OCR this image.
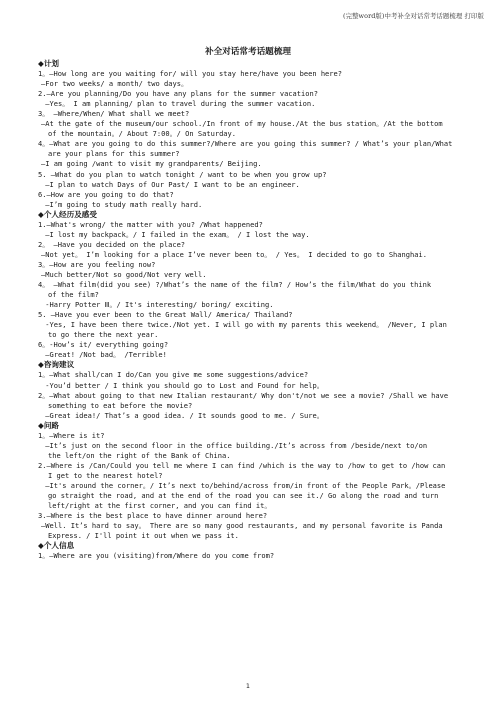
(完整word版)中考补全对话常考话题梳理 打印版
补全对话常考话题梳理
◆计划
1。—How long are you waiting for/ will you stay here/have you been here?
—For two weeks/ a month/ two days。
2.—Are you planning/Do you have any plans for the summer vacation?
—Yes。 I am planning/ plan to travel during the summer vacation.
3。 —Where/When/ What shall we meet?
—At the gate of the museum/our school./In front of my house./At the bus station。/At the bottom
of the mountain。/ About 7:00。/ On Saturday.
4。—What are you going to do this summer?/Where are you going this summer? / What’s your plan/What
are your plans for this summer?
—I am going /want to visit my grandparents/ Beijing.
5. —What do you plan to watch tonight / want to be when you grow up?
—I plan to watch Days of Our Past/ I want to be an engineer.
6.—How are you going to do that?
—I’m going to study math really hard.
◆个人经历及感受
1.—What's wrong/ the matter with you? /What happened?
—I lost my backpack。/ I failed in the exam。 / I lost the way.
2。 —Have you decided on the place?
—Not yet。 I’m looking for a place I’ve never been to。 / Yes。 I decided to go to Shanghai.
3。—How are you feeling now?
—Much better/Not so good/Not very well.
4。 —What film(did you see) ?/What’s the name of the film? / How’s the film/What do you think
of the film?
-Harry Potter Ⅲ。/ It's interesting/ boring/ exciting.
5. —Have you ever been to the Great Wall/ America/ Thailand?
-Yes, I have been there twice./Not yet. I will go with my parents this weekend。 /Never, I plan
to go there the next year.
6。-How’s it/ everything going?
—Great! /Not bad。 /Terrible!
◆咨询建议
1。—What shall/can I do/Can you give me some suggestions/advice?
-You’d better / I think you should go to Lost and Found for help。
2。—What about going to that new Italian restaurant/ Why don't/not we see a movie? /Shall we have
something to eat before the movie?
—Great idea!/ That’s a good idea. / It sounds good to me. / Sure。
◆问路
1。—Where is it?
—It’s just on the second floor in the office building./It’s across from /beside/next to/on
the left/on the right of the Bank of China.
2.—Where is /Can/Could you tell me where I can find /which is the way to /how to get to /how can
I get to the nearest hotel?
—It's around the corner。/ It’s next to/behind/across from/in front of the People Park。/Please
go straight the road, and at the end of the road you can see it./ Go along the road and turn
left/right at the first corner, and you can find it。
3.—Where is the best place to have dinner around here?
—Well. It’s hard to say。 There are so many good restaurants, and my personal favorite is Panda
Express. / I'll point it out when we pass it.
◆个人信息
1。—Where are you (visiting)from/Where do you come from?
1
